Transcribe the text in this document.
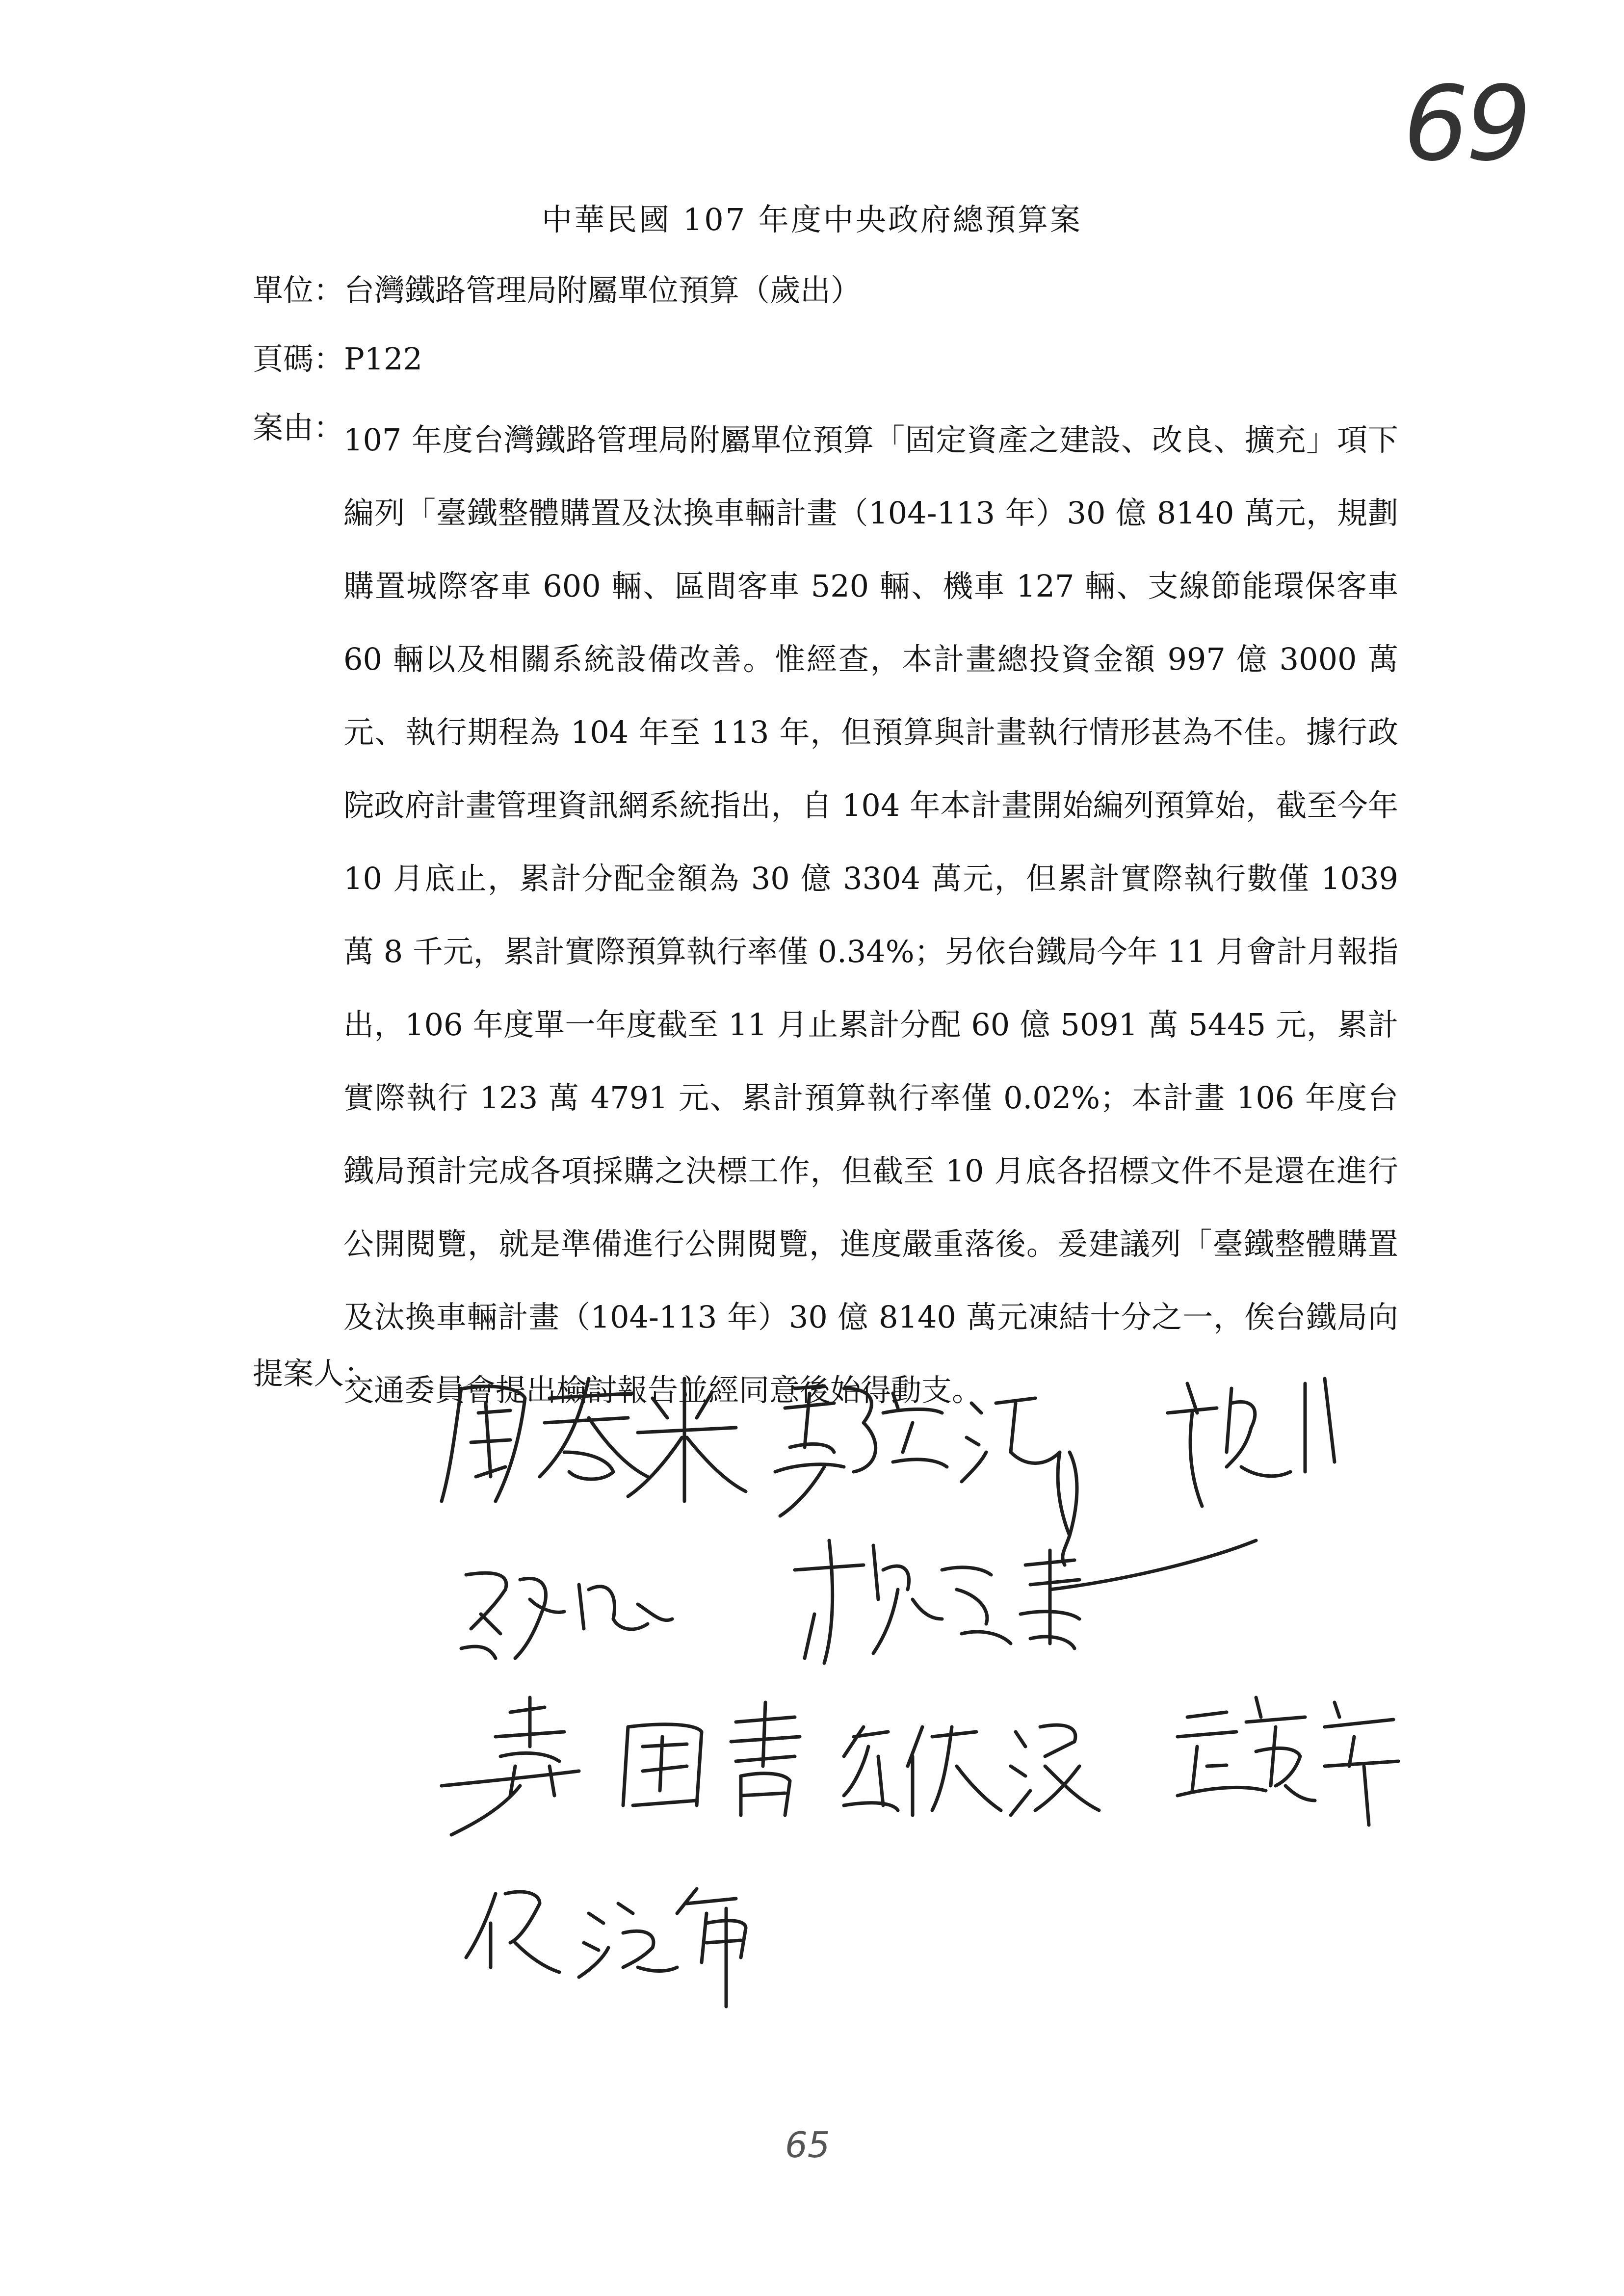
69
中華民國 107 年度中央政府總預算案
單位：台灣鐵路管理局附屬單位預算（歲出）
頁碼：P122
案由：
107 年度台灣鐵路管理局附屬單位預算「固定資產之建設、改良、擴充」項下編列「臺鐵整體購置及汰換車輛計畫（104-113 年）30 億 8140 萬元，規劃購置城際客車 600 輛、區間客車 520 輛、機車 127 輛、支線節能環保客車 60 輛以及相關系統設備改善。惟經查，本計畫總投資金額 997 億 3000 萬元、執行期程為 104 年至 113 年，但預算與計畫執行情形甚為不佳。據行政院政府計畫管理資訊網系統指出，自 104 年本計畫開始編列預算始，截至今年 10 月底止，累計分配金額為 30 億 3304 萬元，但累計實際執行數僅 1039 萬 8 千元，累計實際預算執行率僅 0.34%；另依台鐵局今年 11 月會計月報指出，106 年度單一年度截至 11 月止累計分配 60 億 5091 萬 5445 元，累計實際執行 123 萬 4791 元、累計預算執行率僅 0.02%；本計畫 106 年度台鐵局預計完成各項採購之決標工作，但截至 10 月底各招標文件不是還在進行公開閱覽，就是準備進行公開閱覽，進度嚴重落後。爰建議列「臺鐵整體購置及汰換車輛計畫（104-113 年）30 億 8140 萬元凍結十分之一，俟台鐵局向交通委員會提出檢討報告並經同意後始得動支。
提案人：
65
